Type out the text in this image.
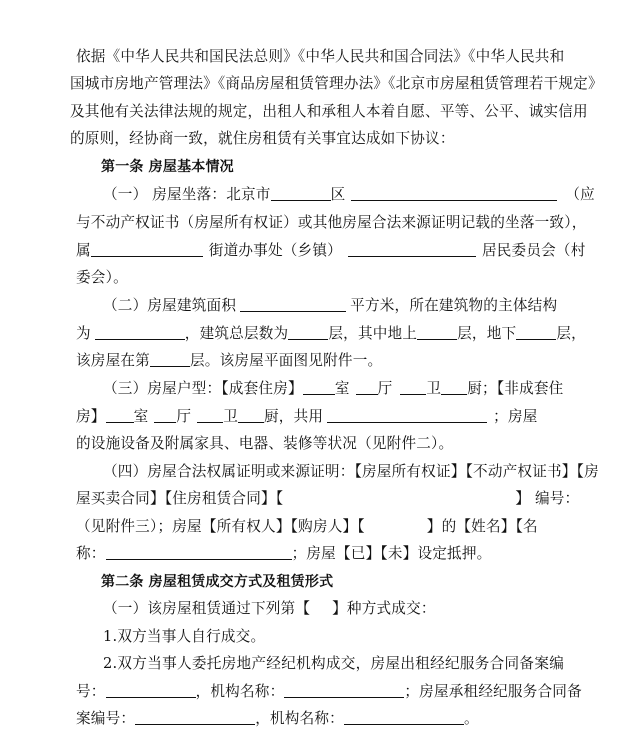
依据《中华人民共和国民法总则》《中华人民共和国合同法》《中华人民共和
国城市房地产管理法》《商品房屋租赁管理办法》《北京市房屋租赁管理若干规定》
及其他有关法律法规的规定，出租人和承租人本着自愿、平等、公平、诚实信用
的原则，经协商一致，就住房租赁有关事宜达成如下协议：
第一条 房屋基本情况
（一） 房屋坐落：北京市	区	（应
与不动产权证书（房屋所有权证）或其他房屋合法来源证明记载的坐落一致），
属	街道办事处（乡镇）	居民委员会（村
委会）。
（二）房屋建筑面积	平方米，所在建筑物的主体结构
为	，建筑总层数为	层，其中地上	层，地下	层，
该房屋在第	层。该房屋平面图见附件一。
（三）房屋户型：【成套住房】 室 厅 卫 厨；【非成套住
房】 室 厅 卫 厨，共用	；房屋
的设施设备及附属家具、电器、装修等状况（见附件二）。
（四）房屋合法权属证明或来源证明：【房屋所有权证】【不动产权证书】【房
屋买卖合同】【住房租赁合同】【	】 编号：
（见附件三）；房屋【所有权人】【购房人】【	】的【姓名】【名
称：	；房屋【已】【未】设定抵押。
第二条 房屋租赁成交方式及租赁形式
（一）该房屋租赁通过下列第【 】种方式成交：
1.双方当事人自行成交。
2.双方当事人委托房地产经纪机构成交，房屋出租经纪服务合同备案编
号：	，机构名称：	；房屋承租经纪服务合同备
案编号：	，机构名称：	。
